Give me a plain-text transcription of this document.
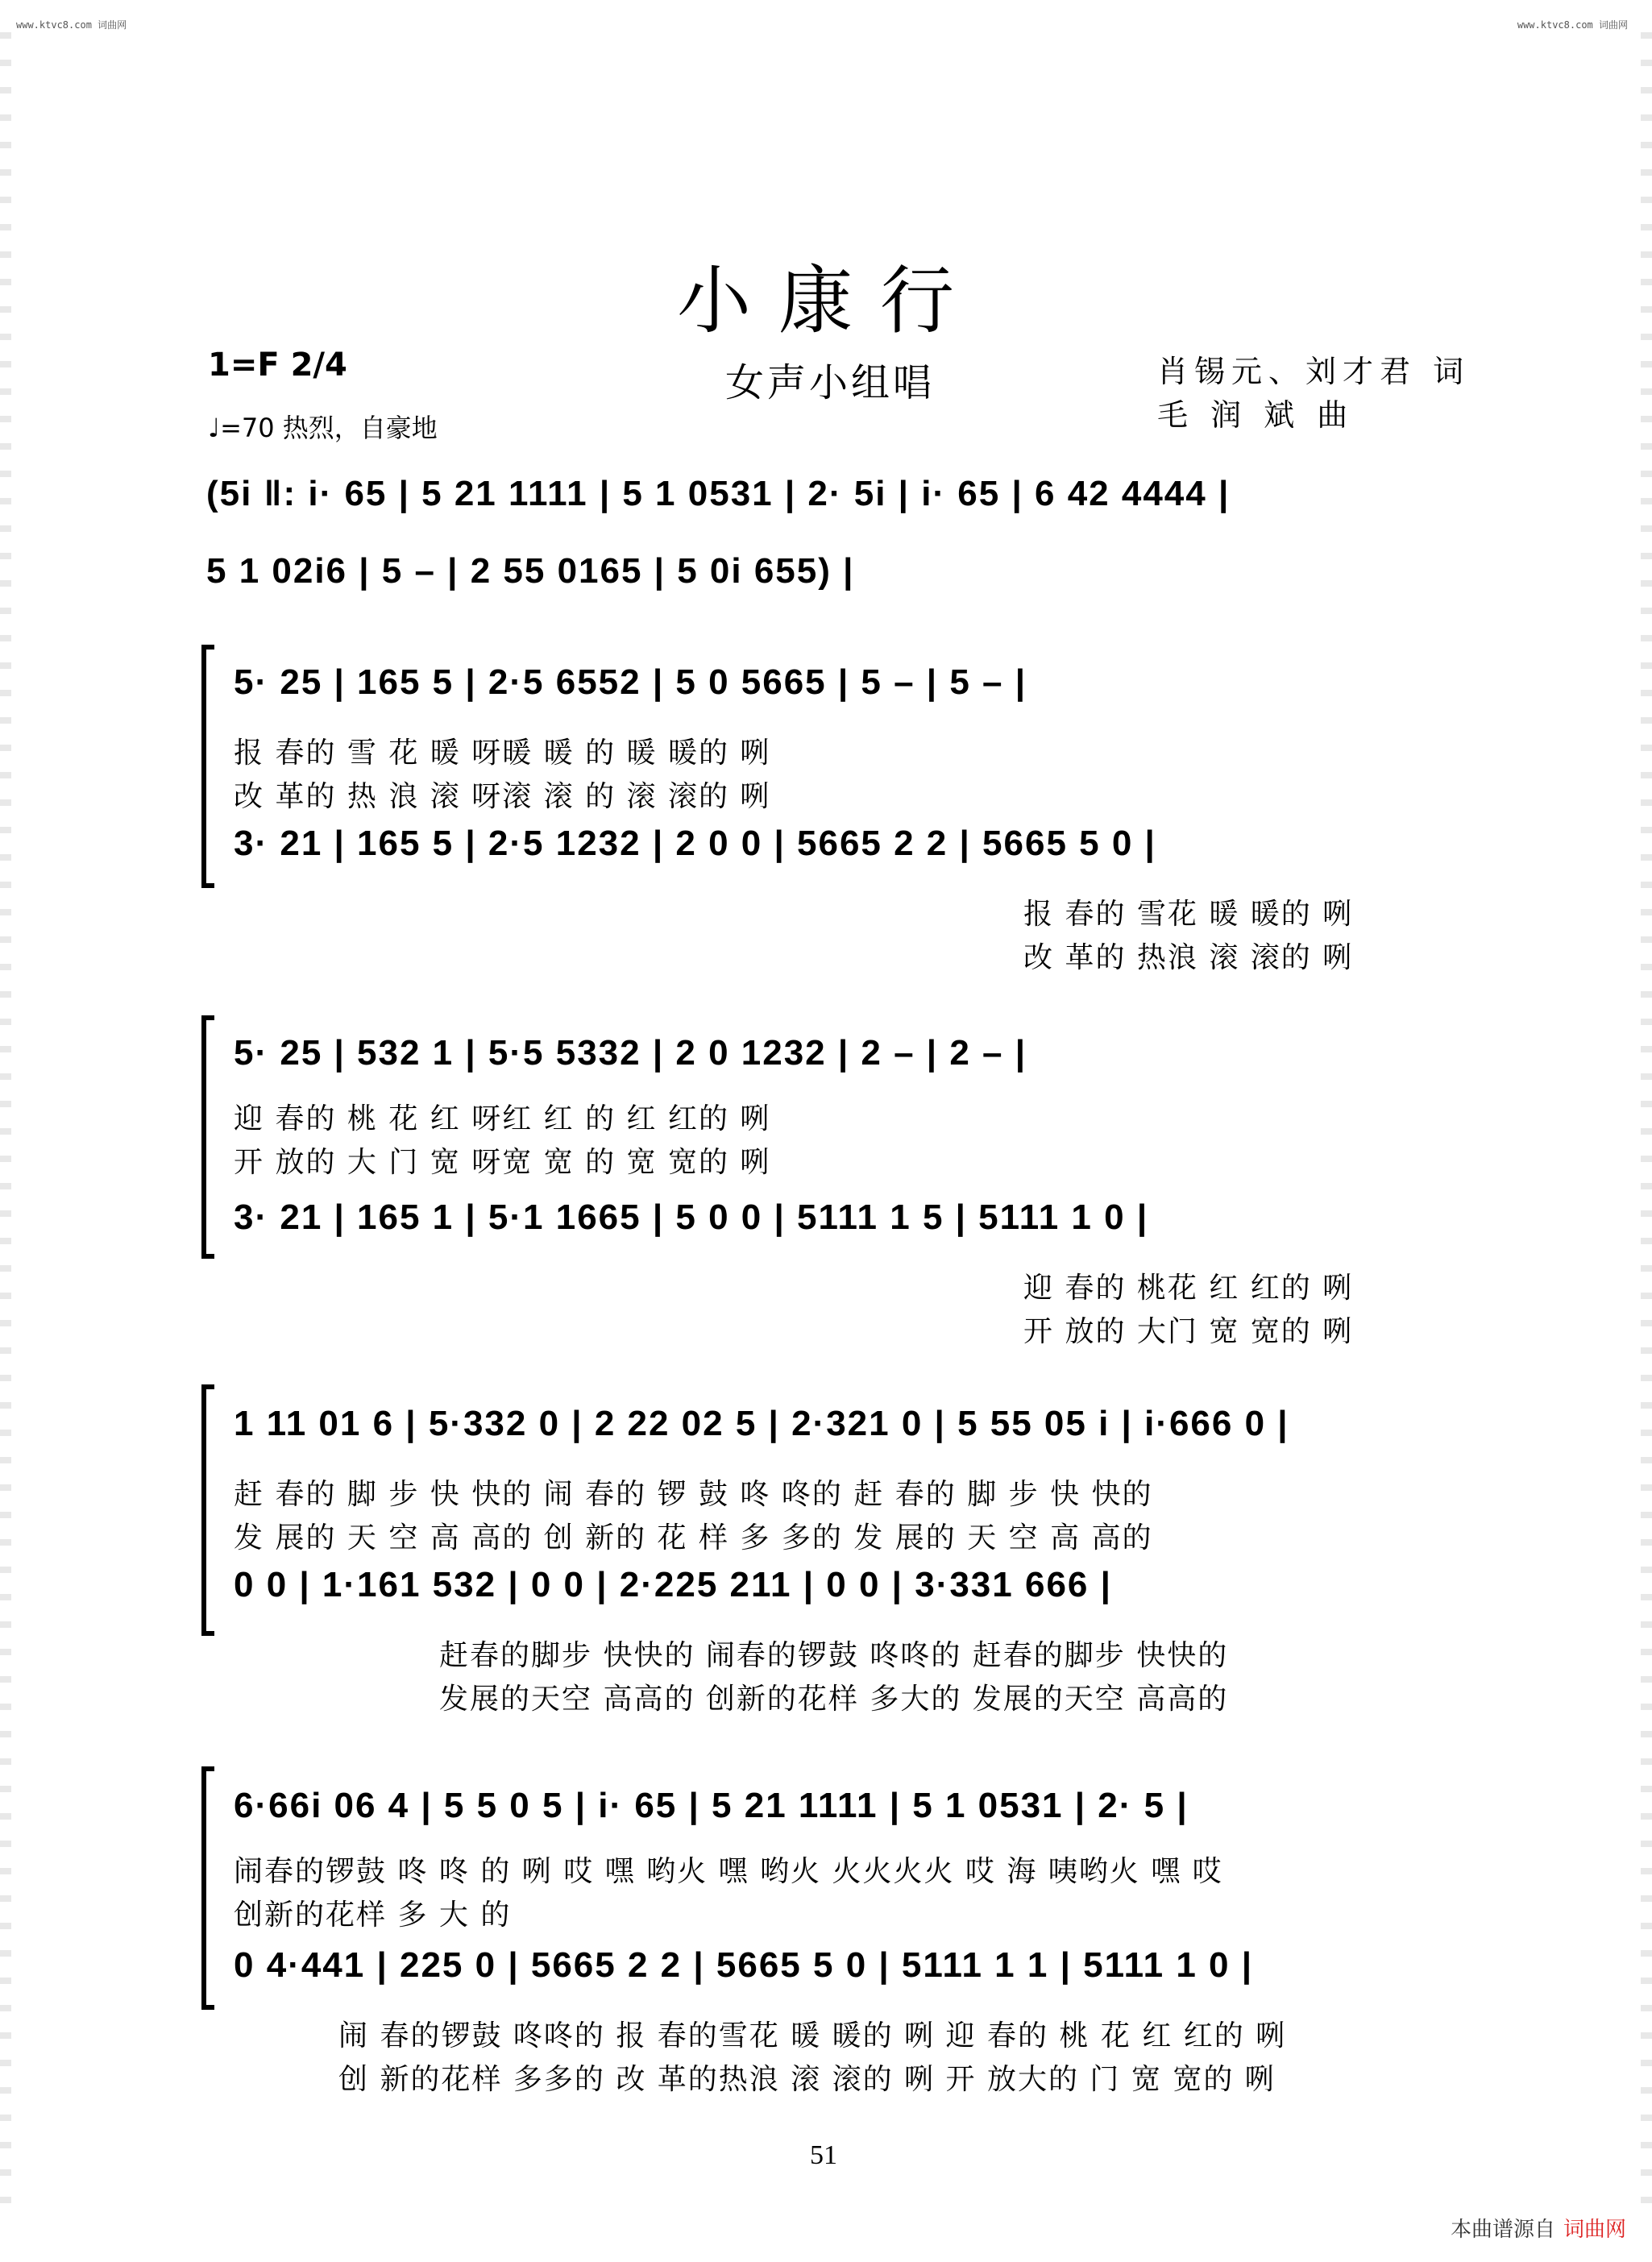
www.ktvc8.com 词曲网	www.ktvc8.com 词曲网
小康行
1=F 2/4	女声小组唱	肖锡元、刘才君 词
♩=70 热烈，自豪地	毛 润 斌 曲
(5i ‖: i· 65 | 5 21 1111 | 5 1 0531 | 2· 5i | i· 65 | 6 42 4444 |
5 1 02i6 | 5 – | 2 55 0165 | 5 0i 655) |
5· 25 | 165 5 | 2·5 6552 | 5 0 5665 | 5 – | 5 – |
报 春的 雪 花 暖 呀暖 暖 的 暖 暖的 咧
改 革的 热 浪 滚 呀滚 滚 的 滚 滚的 咧
3· 21 | 165 5 | 2·5 1232 | 2 0 0 | 5665 2 2 | 5665 5 0 |
报 春的 雪花 暖 暖的 咧
改 革的 热浪 滚 滚的 咧
5· 25 | 532 1 | 5·5 5332 | 2 0 1232 | 2 – | 2 – |
迎 春的 桃 花 红 呀红 红 的 红 红的 咧
开 放的 大 门 宽 呀宽 宽 的 宽 宽的 咧
3· 21 | 165 1 | 5·1 1665 | 5 0 0 | 5111 1 5 | 5111 1 0 |
迎 春的 桃花 红 红的 咧
开 放的 大门 宽 宽的 咧
1 11 01 6 | 5·332 0 | 2 22 02 5 | 2·321 0 | 5 55 05 i | i·666 0 |
赶 春的 脚 步 快 快的 闹 春的 锣 鼓 咚 咚的 赶 春的 脚 步 快 快的
发 展的 天 空 高 高的 创 新的 花 样 多 多的 发 展的 天 空 高 高的
0 0 | 1·161 532 | 0 0 | 2·225 211 | 0 0 | 3·331 666 |
赶春的脚步 快快的 闹春的锣鼓 咚咚的 赶春的脚步 快快的
发展的天空 高高的 创新的花样 多大的 发展的天空 高高的
6·66i 06 4 | 5 5 0 5 | i· 65 | 5 21 1111 | 5 1 0531 | 2· 5 |
闹春的锣鼓 咚 咚 的 咧 哎 嘿 哟火 嘿 哟火 火火火火 哎 海 咦哟火 嘿 哎
创新的花样 多 大 的
0 4·441 | 225 0 | 5665 2 2 | 5665 5 0 | 5111 1 1 | 5111 1 0 |
闹 春的锣鼓 咚咚的 报 春的雪花 暖 暖的 咧 迎 春的 桃 花 红 红的 咧
创 新的花样 多多的 改 革的热浪 滚 滚的 咧 开 放大的 门 宽 宽的 咧
51
本曲谱源自 词曲网
